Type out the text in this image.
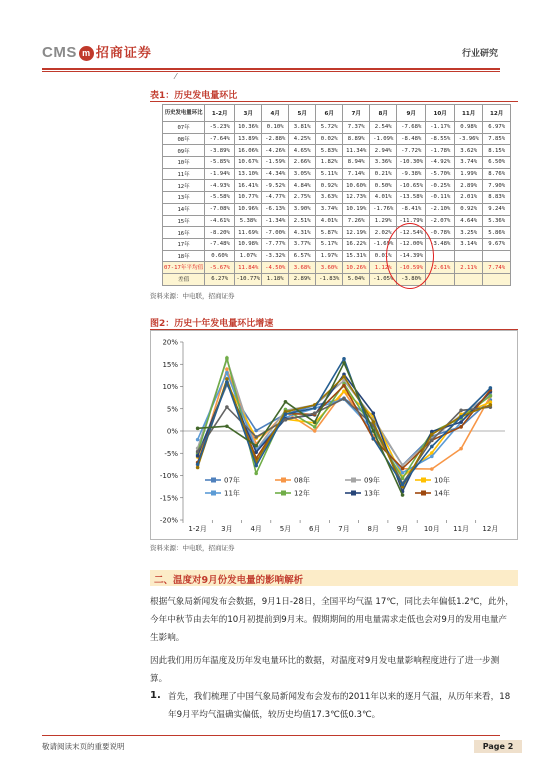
CMS m 招商证券	行业研究
⁄
表1：历史发电量环比
历史发电量环比	1-2月	3月	4月	5月	6月	7月	8月	9月	10月	11月	12月
07年	-5.23%	10.36%	0.10%	3.81%	5.72%	7.37%	2.54%	-7.68%	-1.17%	0.98%	6.97%
08年	-7.64%	13.89%	-2.88%	4.25%	0.02%	8.89%	-1.09%	-8.48%	-8.55%	-3.96%	7.85%
09年	-3.89%	16.06%	-4.26%	4.65%	5.83%	11.34%	2.94%	-7.72%	-1.78%	3.62%	8.15%
10年	-5.85%	10.67%	-1.59%	2.66%	1.82%	8.94%	3.36%	-10.30%	-4.92%	3.74%	6.50%
11年	-1.94%	13.10%	-4.34%	3.05%	5.11%	7.14%	0.21%	-9.38%	-5.70%	1.99%	8.76%
12年	-4.93%	16.41%	-9.52%	4.84%	0.92%	10.60%	0.50%	-10.65%	-0.25%	2.89%	7.90%
13年	-5.58%	10.77%	-4.77%	2.75%	3.63%	12.73%	4.01%	-13.58%	-0.11%	2.01%	8.83%
14年	-7.08%	10.96%	-6.13%	3.90%	3.74%	10.19%	-1.76%	-8.41%	-2.10%	0.92%	9.24%
15年	-4.61%	5.38%	-1.34%	2.51%	4.01%	7.26%	1.29%	-11.79%	-2.07%	4.64%	5.36%
16年	-8.20%	11.69%	-7.00%	4.31%	5.87%	12.19%	2.02%	-12.54%	-0.78%	3.25%	5.86%
17年	-7.48%	10.98%	-7.77%	3.77%	5.17%	16.22%	-1.69%	-12.00%	-3.48%	3.14%	9.67%
18年	0.60%	1.07%	-3.32%	6.57%	1.97%	15.31%	0.01%	-14.39%			
07-17年平均值	-5.67%	11.84%	-4.50%	3.68%	3.60%	10.26%	1.12%	-10.59%	-2.61%	2.11%	7.74%
差值	6.27%	-10.77%	1.18%	2.89%	-1.83%	5.04%	-1.05%	-3.80%			
资料来源：中电联，招商证券
图2：历史十年发电量环比增速
20%
15%
10%
5%
0%
-5%
-10%
-15%
-20%
1-2月 3月	4月	5月	6月	7月	8月	9月 10月 11月 12月
07年	08年	09年	10年
11年	12年	13年	14年
资料来源：中电联，招商证券
二、温度对9月份发电量的影响解析
根据气象局新闻发布会数据，9月1日-28日，全国平均气温 17℃，同比去年偏低1.2℃，此外，今年中秋节由去年的10月初提前到9月末。假期期间的用电量需求走低也会对9月的发用电量产生影响。
因此我们用历年温度及历年发电量环比的数据，对温度对9月发电量影响程度进行了进一步测算。
1. 首先，我们梳理了中国气象局新闻发布会发布的2011年以来的逐月气温，从历年来看，18年9月平均气温确实偏低，较历史均值17.3℃低0.3℃。
敬请阅读末页的重要说明	Page 2
